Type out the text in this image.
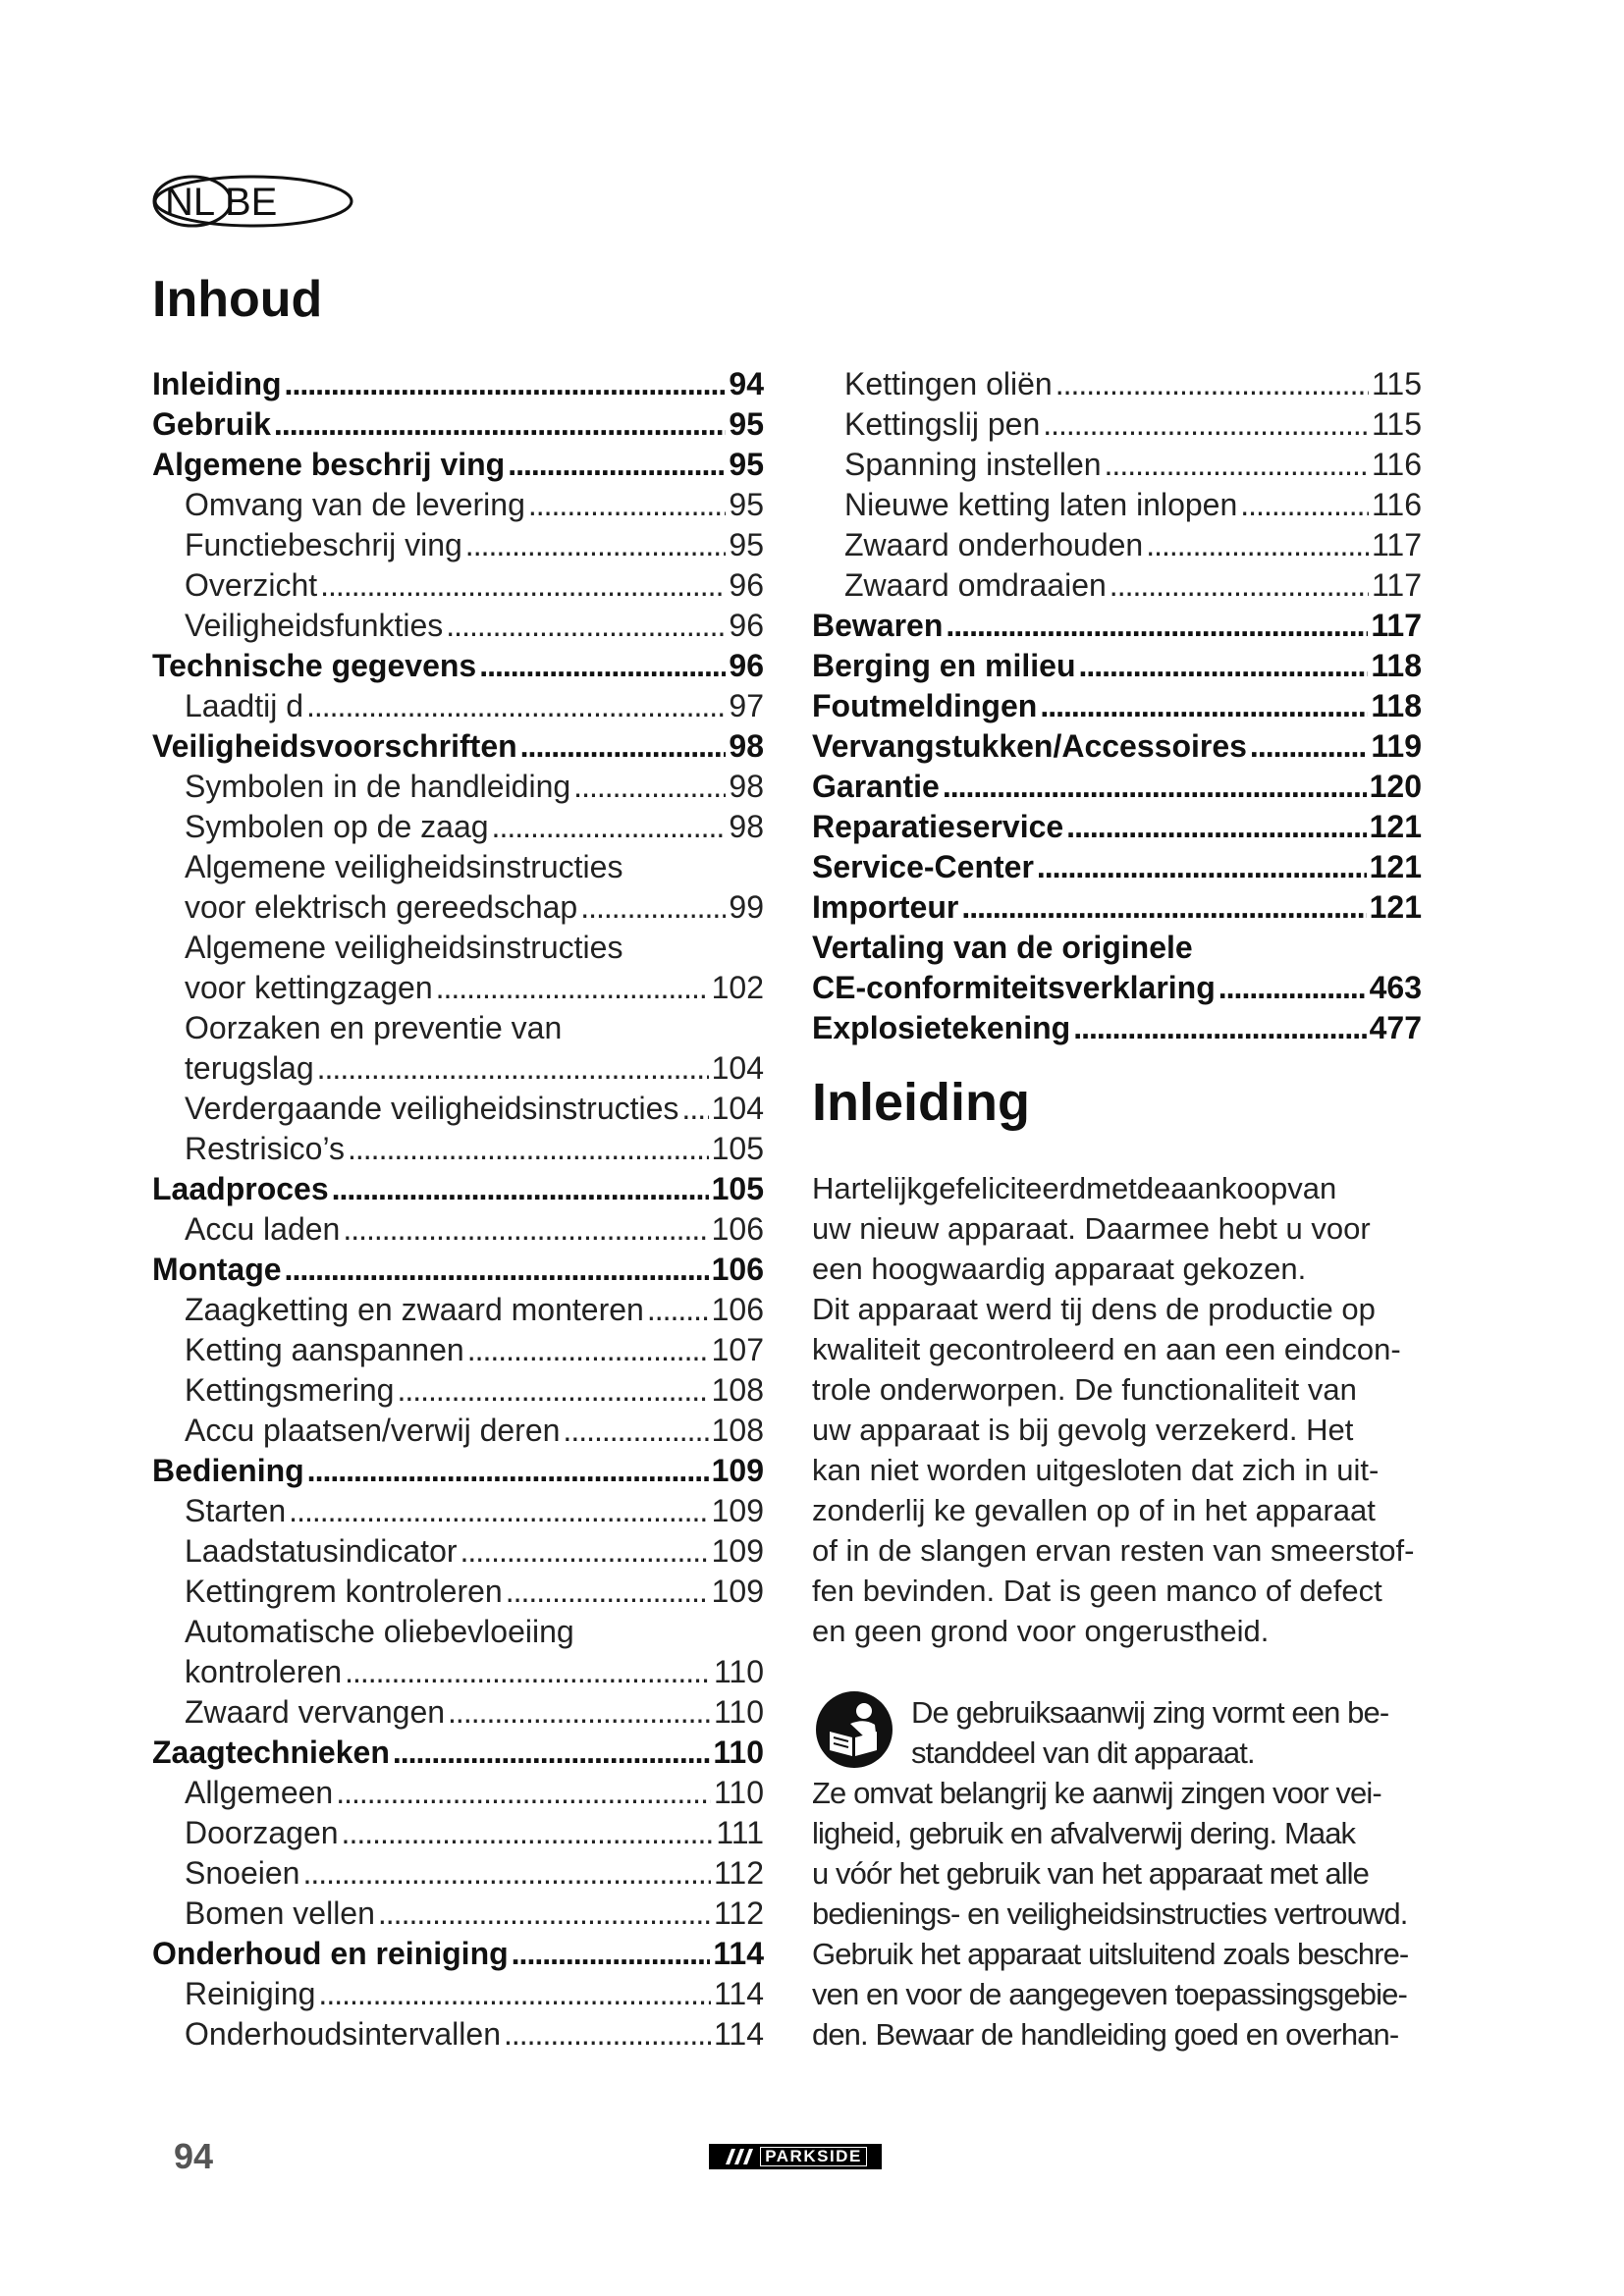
BE
NL
Inhoud
Inleiding .....	94
Gebruik .....	95
Algemene beschrij ving .....	95
Omvang van de levering .....	95
Functiebeschrij ving .....	95
Overzicht .....	96
Veiligheidsfunkties .....	96
Technische gegevens .....	96
Laadtij d .....	97
Veiligheidsvoorschriften .....	98
Symbolen in de handleiding .....	98
Symbolen op de zaag .....	98
Algemene veiligheidsinstructies
voor elektrisch gereedschap .....	99
Algemene veiligheidsinstructies
voor kettingzagen .....	102
Oorzaken en preventie van
terugslag .....	104
Verdergaande veiligheidsinstructies ..... 104
Restrisico’s .....	105
Laadproces .....	105
Accu laden .....	106
Montage .....	106
Zaagketting en zwaard monteren ..... 106
Ketting aanspannen .....	107
Kettingsmering .....	108
Accu plaatsen/verwij deren .....	108
Bediening .....	109
Starten .....	109
Laadstatusindicator .....	109
Kettingrem kontroleren .....	109
Automatische oliebevloeiing
kontroleren .....	110
Zwaard vervangen .....	110
Zaagtechnieken .....	110
Allgemeen .....	110
Doorzagen .....	111
Snoeien .....	112
Bomen vellen .....	112
Onderhoud en reiniging .....	114
Reiniging .....	114
Onderhoudsintervallen .....	114
Kettingen oliën .....	115
Kettingslij pen .....	115
Spanning instellen .....	116
Nieuwe ketting laten inlopen .....	116
Zwaard onderhouden .....	117
Zwaard omdraaien .....	117
Bewaren .....	117
Berging en milieu .....	118
Foutmeldingen .....	118
Vervangstukken/Accessoires .....	119
Garantie .....	120
Reparatieservice .....	121
Service-Center .....	121
Importeur .....	121
Vertaling van de originele
CE-conformiteitsverklaring .....	463
Explosietekening .....	477
Inleiding
Hartelijkgefeliciteerdmetdeaankoopvan
uw nieuw apparaat. Daarmee hebt u voor
een hoogwaardig apparaat gekozen.
Dit apparaat werd tij dens de productie op
kwaliteit gecontroleerd en aan een eindcon-
trole onderworpen. De functionaliteit van
uw apparaat is bij gevolg verzekerd. Het
kan niet worden uitgesloten dat zich in uit-
zonderlij ke gevallen op of in het apparaat
of in de slangen ervan resten van smeerstof-
fen bevinden. Dat is geen manco of defect
en geen grond voor ongerustheid.
De gebruiksaanwij zing vormt een be-
standdeel van dit apparaat.
Ze omvat belangrij ke aanwij zingen voor vei-
ligheid, gebruik en afvalverwij dering. Maak
u vóór het gebruik van het apparaat met alle
bedienings- en veiligheidsinstructies vertrouwd.
Gebruik het apparaat uitsluitend zoals beschre-
ven en voor de aangegeven toepassingsgebie-
den. Bewaar de handleiding goed en overhan-
94	PARKSIDE
